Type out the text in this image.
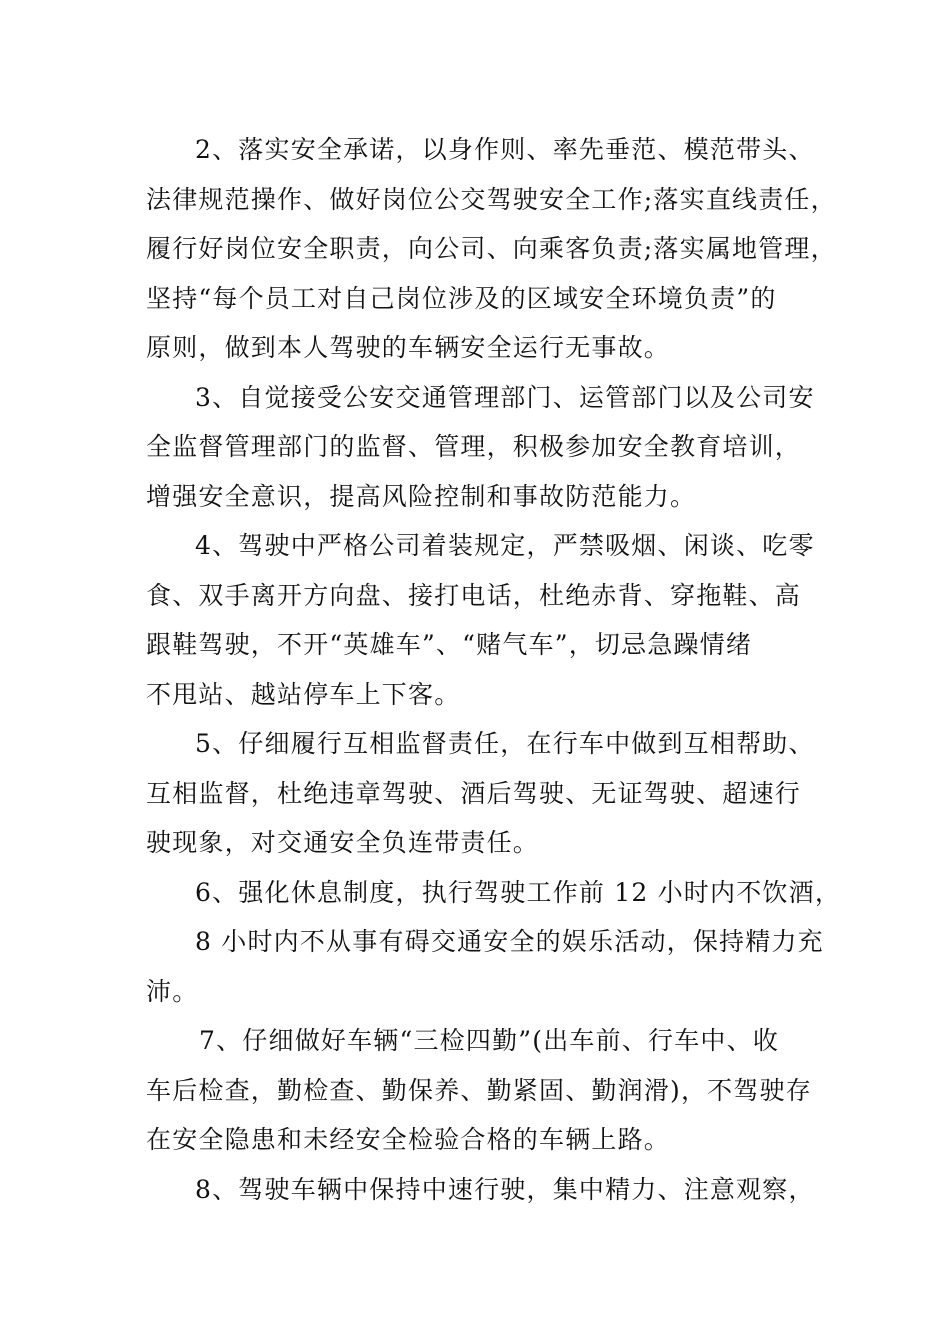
2、落实安全承诺，以身作则、率先垂范、模范带头、

法律规范操作、做好岗位公交驾驶安全工作;落实直线责任，

履行好岗位安全职责，向公司、向乘客负责;落实属地管理，

坚持“每个员工对自己岗位涉及的区域安全环境负责”的

原则，做到本人驾驶的车辆安全运行无事故。

3、自觉接受公安交通管理部门、运管部门以及公司安

全监督管理部门的监督、管理，积极参加安全教育培训，

增强安全意识，提高风险控制和事故防范能力。

4、驾驶中严格公司着装规定，严禁吸烟、闲谈、吃零

食、双手离开方向盘、接打电话，杜绝赤背、穿拖鞋、高

跟鞋驾驶，不开“英雄车”、“赌气车”，切忌急躁情绪

不甩站、越站停车上下客。

5、仔细履行互相监督责任，在行车中做到互相帮助、

互相监督，杜绝违章驾驶、酒后驾驶、无证驾驶、超速行

驶现象，对交通安全负连带责任。

6、强化休息制度，执行驾驶工作前 12 小时内不饮酒，

8 小时内不从事有碍交通安全的娱乐活动，保持精力充

沛。

7、仔细做好车辆“三检四勤”(出车前、行车中、收

车后检查，勤检查、勤保养、勤紧固、勤润滑)，不驾驶存

在安全隐患和未经安全检验合格的车辆上路。

8、驾驶车辆中保持中速行驶，集中精力、注意观察，
